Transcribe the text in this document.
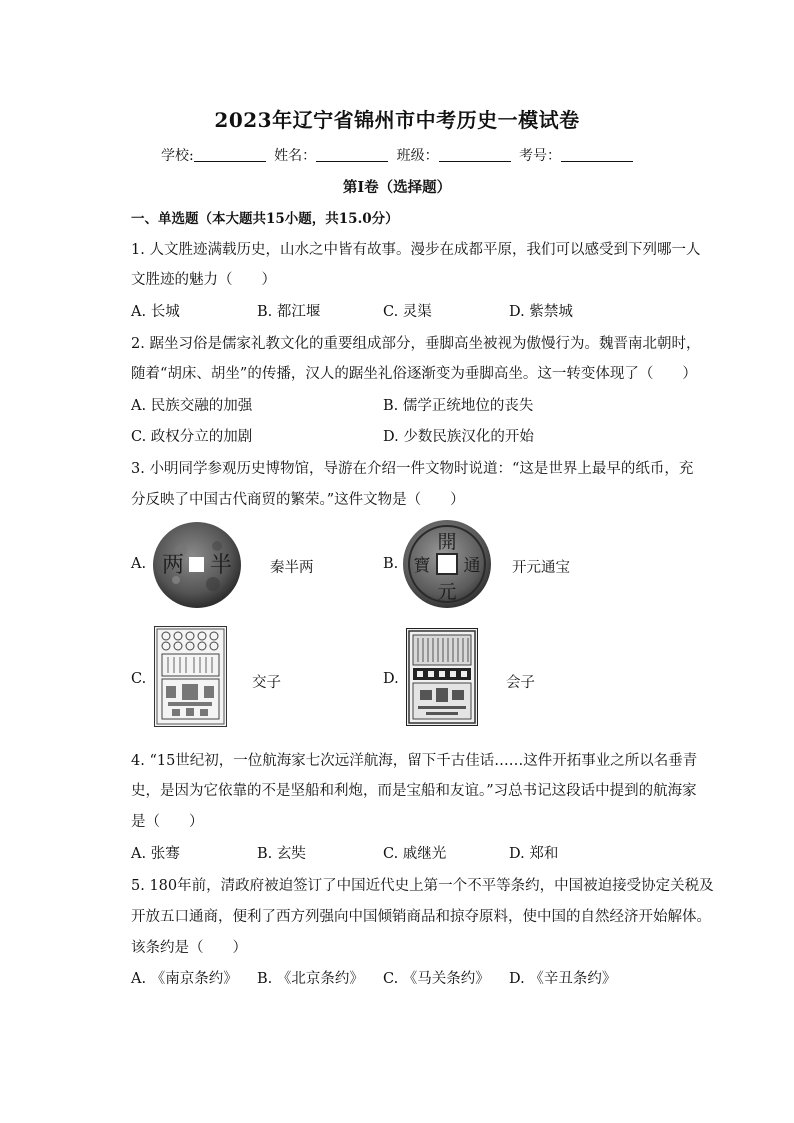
2023年辽宁省锦州市中考历史一模试卷
学校:	姓名：	班级：	考号：
第Ⅰ卷（选择题）
一、单选题（本大题共15小题，共15.0分）
1. 人文胜迹满载历史，山水之中皆有故事。漫步在成都平原，我们可以感受到下列哪一人
文胜迹的魅力（　　）
A. 长城	B. 都江堰	C. 灵渠	D. 紫禁城
2. 踞坐习俗是儒家礼教文化的重要组成部分，垂脚高坐被视为傲慢行为。魏晋南北朝时，
随着“胡床、胡坐”的传播，汉人的踞坐礼俗逐渐变为垂脚高坐。这一转变体现了（　　）
A. 民族交融的加强	B. 儒学正统地位的丧失
C. 政权分立的加剧	D. 少数民族汉化的开始
3. 小明同学参观历史博物馆，导游在介绍一件文物时说道：“这是世界上最早的纸币，充
分反映了中国古代商贸的繁荣。”这件文物是（　　）
A. 两 半	秦半两	B.
開
元
通
寶	开元通宝
C.	交子	D.	会子
4. “15世纪初，一位航海家七次远洋航海，留下千古佳话……这件开拓事业之所以名垂青
史，是因为它依靠的不是坚船和利炮，而是宝船和友谊。”习总书记这段话中提到的航海家
是（　　）
A. 张骞	B. 玄奘	C. 戚继光	D. 郑和
5. 180年前，清政府被迫签订了中国近代史上第一个不平等条约，中国被迫接受协定关税及
开放五口通商，便利了西方列强向中国倾销商品和掠夺原料，使中国的自然经济开始解体。
该条约是（　　）
A. 《南京条约》 B. 《北京条约》 C. 《马关条约》 D. 《辛丑条约》
